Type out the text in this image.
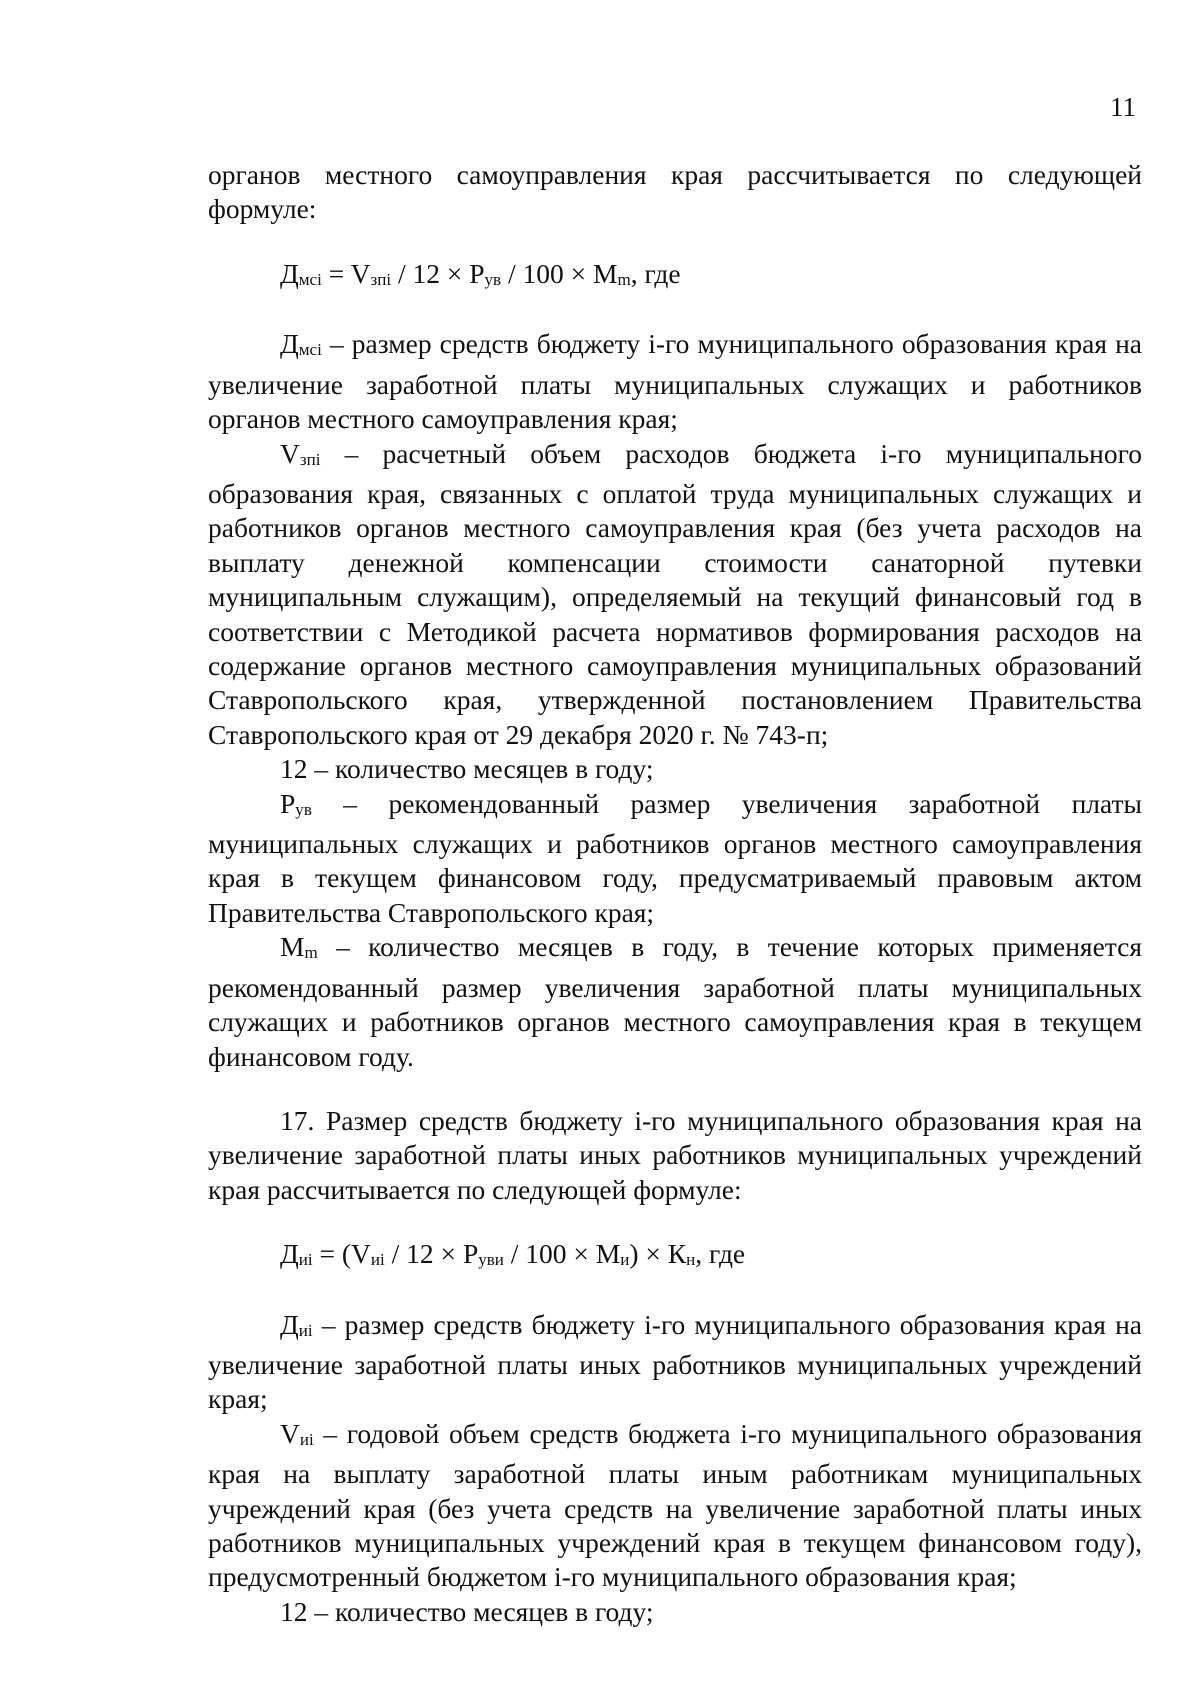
11

органов местного самоуправления края рассчитывается по следующей формуле:

Дмсi = Vзпi / 12 × Pув / 100 × Мm, где

Дмсi – размер средств бюджету i-го муниципального образования края на увеличение заработной платы муниципальных служащих и работников органов местного самоуправления края;

Vзпi – расчетный объем расходов бюджета i-го муниципального образования края, связанных с оплатой труда муниципальных служащих и работников органов местного самоуправления края (без учета расходов на выплату денежной компенсации стоимости санаторной путевки муниципальным служащим), определяемый на текущий финансовый год в соответствии с Методикой расчета нормативов формирования расходов на содержание органов местного самоуправления муниципальных образований Ставропольского края, утвержденной постановлением Правительства Ставропольского края от 29 декабря 2020 г. № 743-п;

12 – количество месяцев в году;

Pув – рекомендованный размер увеличения заработной платы муниципальных служащих и работников органов местного самоуправления края в текущем финансовом году, предусматриваемый правовым актом Правительства Ставропольского края;

Мm – количество месяцев в году, в течение которых применяется рекомендованный размер увеличения заработной платы муниципальных служащих и работников органов местного самоуправления края в текущем финансовом году.

17. Размер средств бюджету i-го муниципального образования края на увеличение заработной платы иных работников муниципальных учреждений края рассчитывается по следующей формуле:

Диi = (Vиi / 12 × Pуви / 100 × Ми) × Кн, где

Диi – размер средств бюджету i-го муниципального образования края на увеличение заработной платы иных работников муниципальных учреждений края;

Vиi – годовой объем средств бюджета i-го муниципального образования края на выплату заработной платы иным работникам муниципальных учреждений края (без учета средств на увеличение заработной платы иных работников муниципальных учреждений края в текущем финансовом году), предусмотренный бюджетом i-го муниципального образования края;

12 – количество месяцев в году;
